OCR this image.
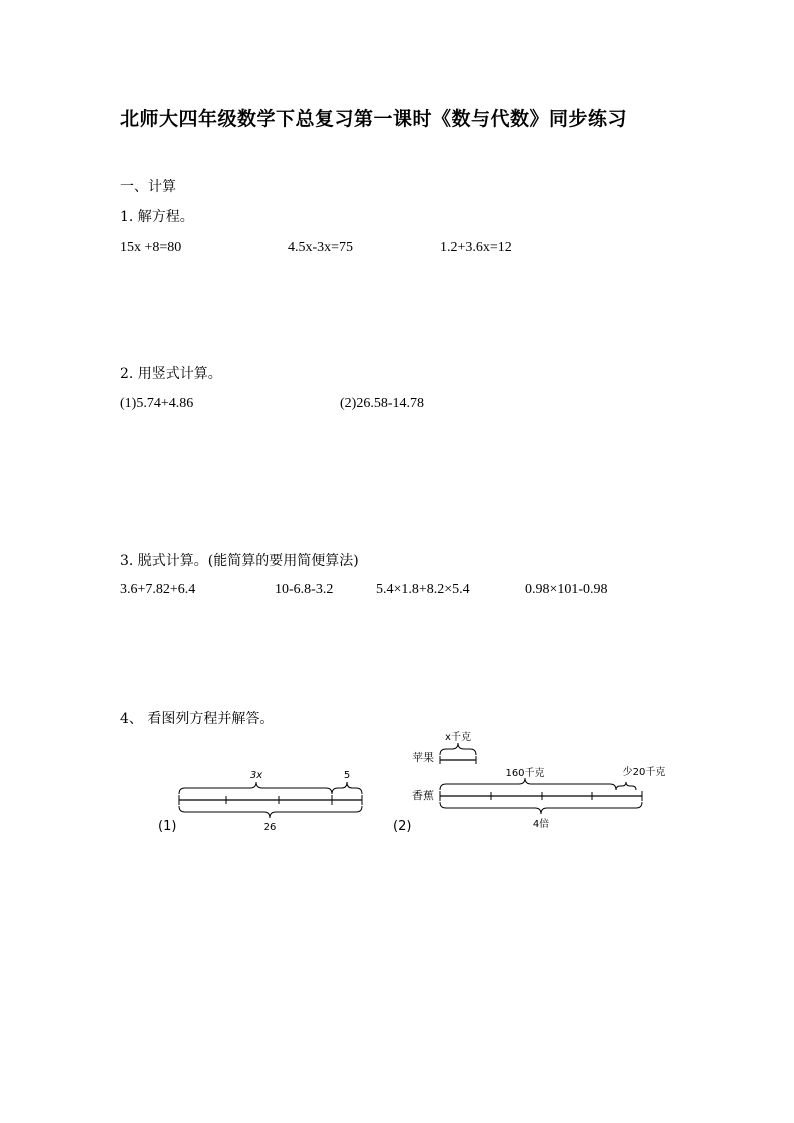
北师大四年级数学下总复习第一课时《数与代数》同步练习
一、计算
1. 解方程。
15x +8=80	4.5x-3x=75	1.2+3.6x=12
2. 用竖式计算。
(1)5.74+4.86	(2)26.58-14.78
3. 脱式计算。(能简算的要用简便算法)
3.6+7.82+6.4	10-6.8-3.2	5.4×1.8+8.2×5.4	0.98×101-0.98
4、 看图列方程并解答。
3x	5
26
(1)
苹果
x千克
香蕉
160千克	少20千克
4倍
(2)
